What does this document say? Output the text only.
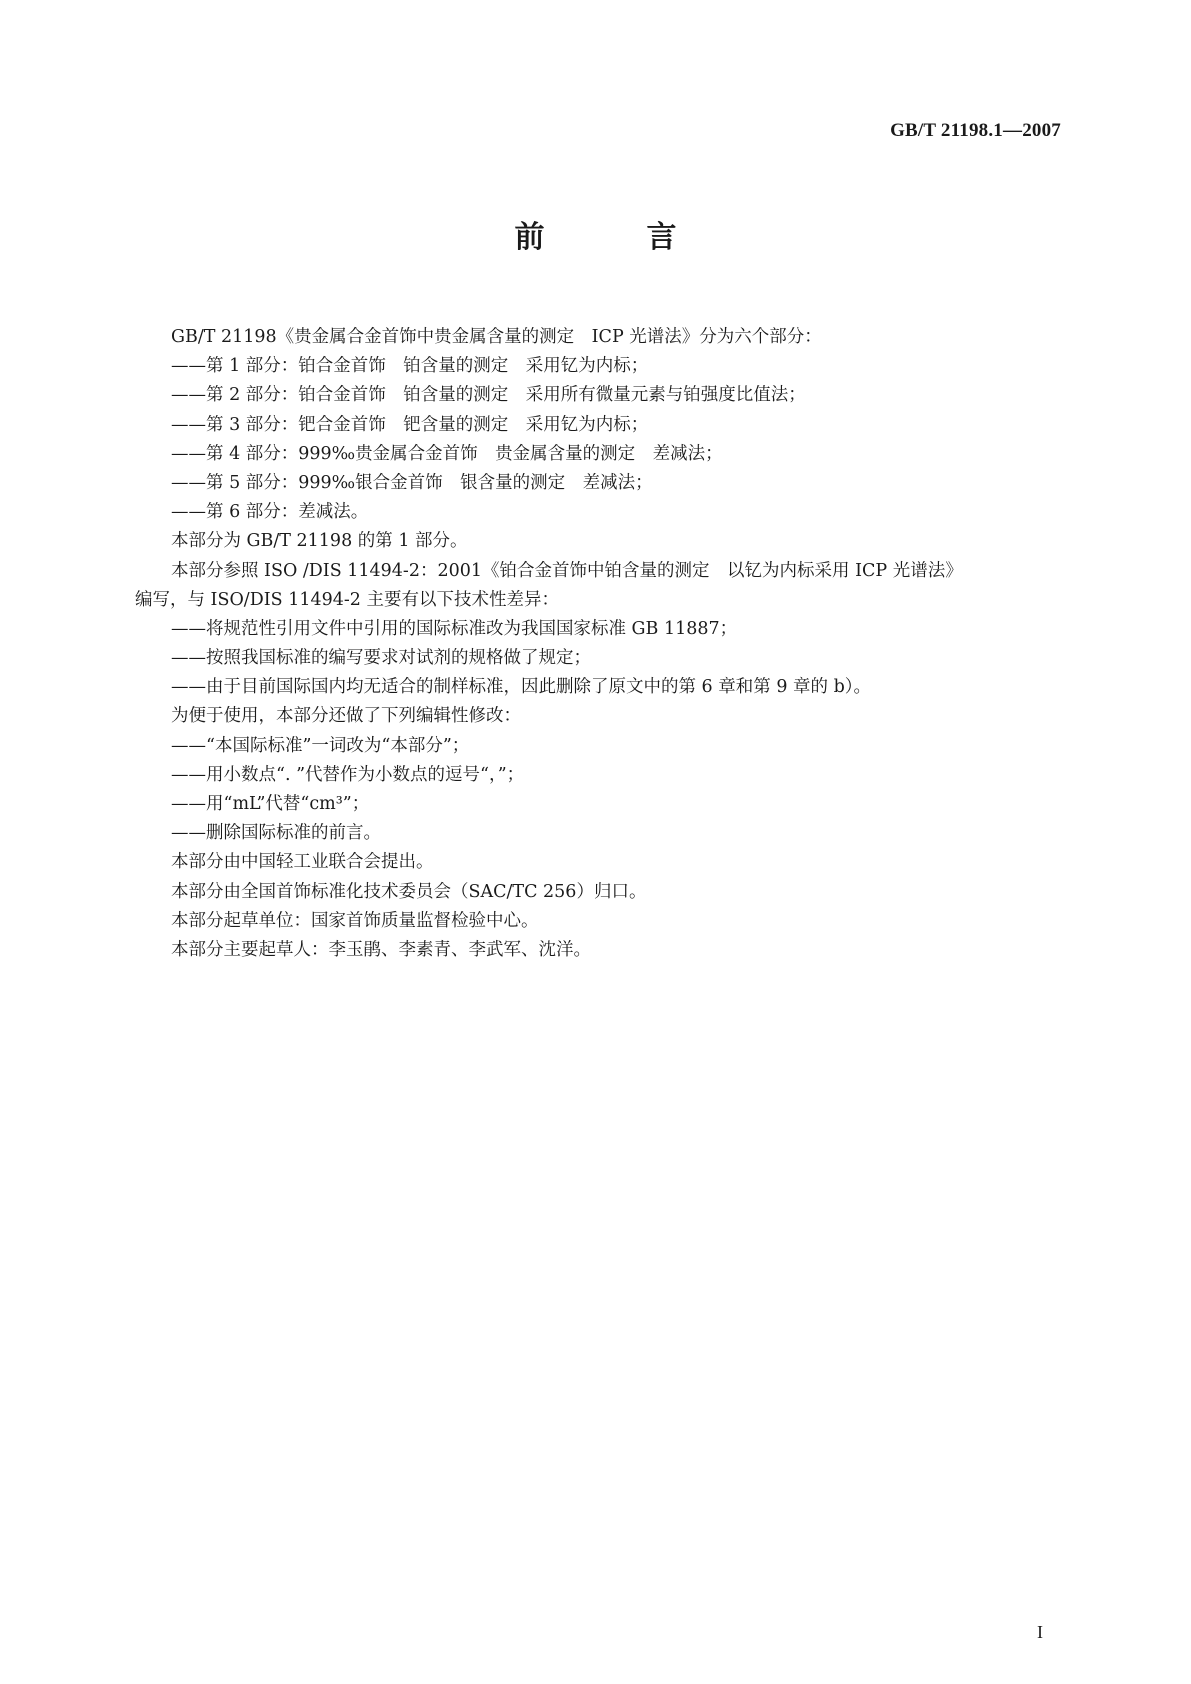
GB/T 21198.1—2007
前　言
GB/T 21198《贵金属合金首饰中贵金属含量的测定　ICP 光谱法》分为六个部分：
——第 1 部分：铂合金首饰　铂含量的测定　采用钇为内标；
——第 2 部分：铂合金首饰　铂含量的测定　采用所有微量元素与铂强度比值法；
——第 3 部分：钯合金首饰　钯含量的测定　采用钇为内标；
——第 4 部分：999‰贵金属合金首饰　贵金属含量的测定　差减法；
——第 5 部分：999‰银合金首饰　银含量的测定　差减法；
——第 6 部分：差减法。
本部分为 GB/T 21198 的第 1 部分。
本部分参照 ISO /DIS 11494-2：2001《铂合金首饰中铂含量的测定　以钇为内标采用 ICP 光谱法》
编写，与 ISO/DIS 11494-2 主要有以下技术性差异：
——将规范性引用文件中引用的国际标准改为我国国家标准 GB 11887；
——按照我国标准的编写要求对试剂的规格做了规定；
——由于目前国际国内均无适合的制样标准，因此删除了原文中的第 6 章和第 9 章的 b）。
为便于使用，本部分还做了下列编辑性修改：
——“本国际标准”一词改为“本部分”；
——用小数点“. ”代替作为小数点的逗号“，”；
——用“mL”代替“cm³”；
——删除国际标准的前言。
本部分由中国轻工业联合会提出。
本部分由全国首饰标准化技术委员会（SAC/TC 256）归口。
本部分起草单位：国家首饰质量监督检验中心。
本部分主要起草人：李玉鹃、李素青、李武军、沈洋。
I
